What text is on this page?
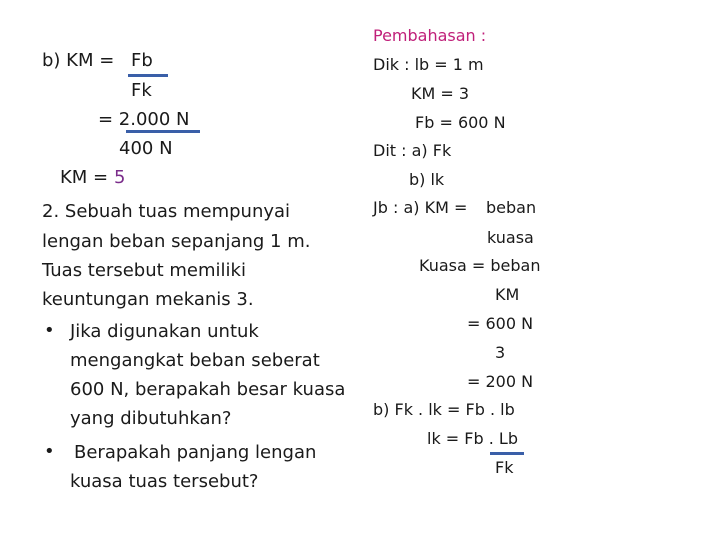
b) KM = Fb
Fk
= 2.000 N
400 N
KM = 5
2. Sebuah tuas mempunyai
lengan beban sepanjang 1 m.
Tuas tersebut memiliki
keuntungan mekanis 3.
• Jika digunakan untuk
mengangkat beban seberat
600 N, berapakah besar kuasa
yang dibutuhkan?
• Berapakah panjang lengan
kuasa tuas tersebut?
Pembahasan :
Dik : lb = 1 m
KM = 3
Fb = 600 N
Dit : a) Fk
b) lk
Jb : a) KM = beban
kuasa
Kuasa = beban
KM
= 600 N
3
= 200 N
b) Fk . lk = Fb . lb
lk = Fb . Lb
Fk
